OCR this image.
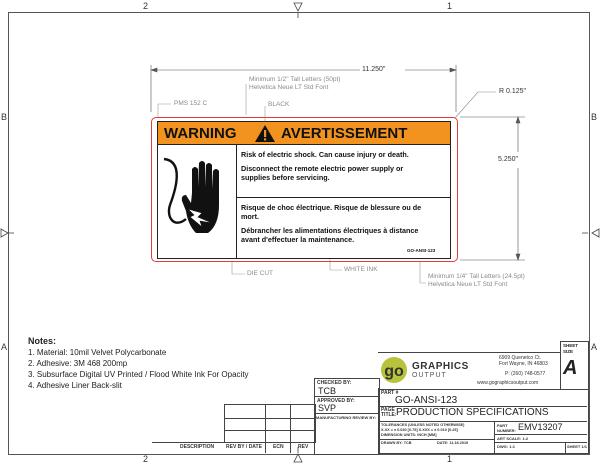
2	1
2	1
B
A
B
A
11.250"
5.250"
R 0.125"
PMS 152 C
Minimum 1/2" Tall Letters (50pt)
Helvetica Neue LT Std Font
BLACK
DIE CUT
WHITE INK
Minimum 1/4" Tall Letters (24.5pt)
Helvetica Neue LT Std Font
WARNING	AVERTISSEMENT
Risk of electric shock. Can cause injury or death.
Disconnect the remote electric power supply or
supplies before servicing.
Risque de choc électrique. Risque de blessure ou de
mort.
Débrancher les alimentations électriques à distance
avant d'effectuer la maintenance.
GO-ANSI-123
Notes:
1. Material: 10mil Velvet Polycarbonate
2. Adhesive: 3M 468 200mp
3. Subsurface Digital UV Printed / Flood White Ink For Opacity
4. Adhesive Liner Back-slit
DESCRIPTION REV BY / DATE ECN	REV
CHECKED BY:
TCB
APPROVED BY:
SVP
MANUFACTURING REVIEW BY:
go GRAPHICS
OUTPUT
6909 Quenetco Ct.
Fort Wayne, IN 46803
P: (260) 748-0577
www.gographicsoutput.com
SHEET SIZE
A
PART #
GO-ANSI-123
PAGE TITLE: PRODUCTION SPECIFICATIONS
TOLERANCES (UNLESS NOTED OTHERWISE)
X.XX = ± 0.030 [0.75] X.XXX = ± 0.010 [0.25]
DIMENSION UNITS: INCH [MM]
DRAWN BY: TCB	DATE: 11.18.2019
PART NUMBER: EMV13207
ART SCALE: 1:2
DWG: 1:1	SHEET 1/1
